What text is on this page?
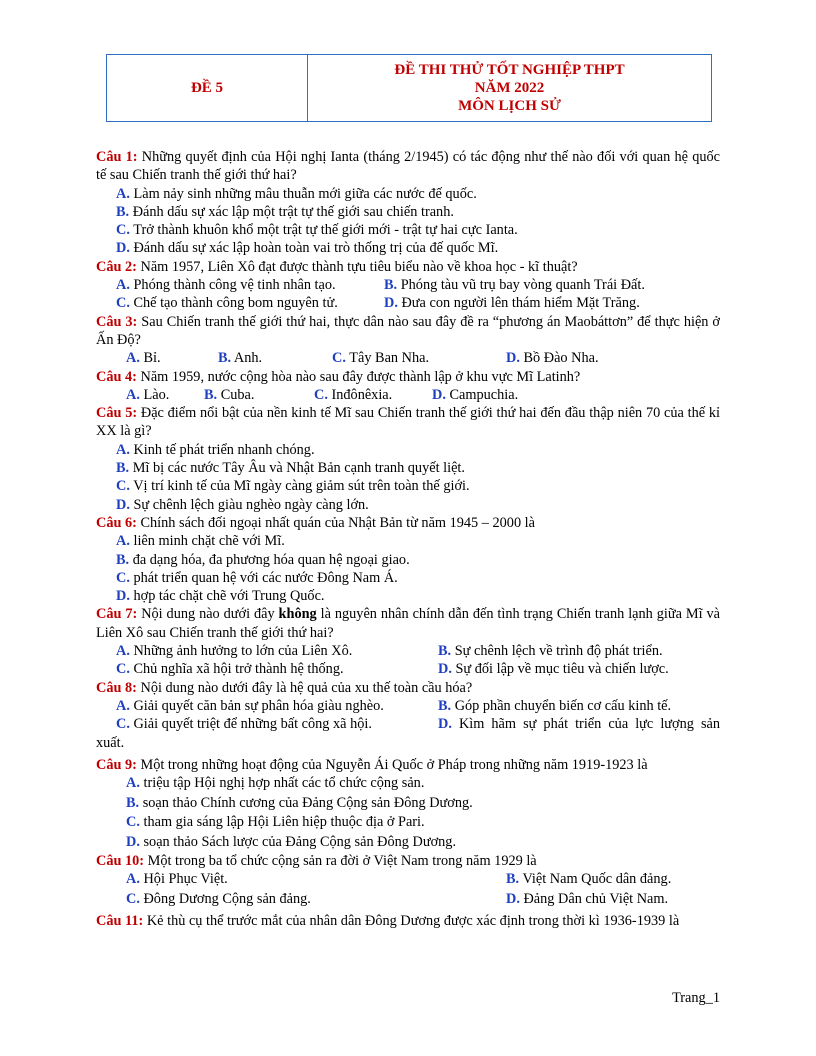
ĐỀ 5
ĐỀ THI THỬ TỐT NGHIỆP THPT
NĂM 2022
MÔN LỊCH SỬ

Câu 1: Những quyết định của Hội nghị Ianta (tháng 2/1945) có tác động như thế nào đối với quan hệ quốc tế sau Chiến tranh thế giới thứ hai?

A. Làm nảy sinh những mâu thuẫn mới giữa các nước đế quốc.

B. Đánh dấu sự xác lập một trật tự thế giới sau chiến tranh.

C. Trở thành khuôn khổ một trật tự thế giới mới - trật tự hai cực Ianta.

D. Đánh dấu sự xác lập hoàn toàn vai trò thống trị của đế quốc Mĩ.

Câu 2: Năm 1957, Liên Xô đạt được thành tựu tiêu biểu nào về khoa học - kĩ thuật?

A. Phóng thành công vệ tinh nhân tạo.	B. Phóng tàu vũ trụ bay vòng quanh Trái Đất.
C. Chế tạo thành công bom nguyên tử.	D. Đưa con người lên thám hiểm Mặt Trăng.

Câu 3: Sau Chiến tranh thế giới thứ hai, thực dân nào sau đây đề ra “phương án Maobáttơn” để thực hiện ở Ấn Độ?

A. Bỉ.	B. Anh.	C. Tây Ban Nha.	D. Bồ Đào Nha.

Câu 4: Năm 1959, nước cộng hòa nào sau đây được thành lập ở khu vực Mĩ Latinh?

A. Lào.	B. Cuba.	C. Inđônêxia.	D. Campuchia.

Câu 5: Đặc điểm nổi bật của nền kinh tế Mĩ sau Chiến tranh thế giới thứ hai đến đầu thập niên 70 của thế kỉ XX là gì?

A. Kinh tế phát triển nhanh chóng.

B. Mĩ bị các nước Tây Âu và Nhật Bản cạnh tranh quyết liệt.

C. Vị trí kinh tế của Mĩ ngày càng giảm sút trên toàn thế giới.

D. Sự chênh lệch giàu nghèo ngày càng lớn.

Câu 6: Chính sách đối ngoại nhất quán của Nhật Bản từ năm 1945 – 2000 là

A. liên minh chặt chẽ với Mĩ.

B. đa dạng hóa, đa phương hóa quan hệ ngoại giao.

C. phát triển quan hệ với các nước Đông Nam Á.

D. hợp tác chặt chẽ với Trung Quốc.

Câu 7: Nội dung nào dưới đây không là nguyên nhân chính dẫn đến tình trạng Chiến tranh lạnh giữa Mĩ và Liên Xô sau Chiến tranh thế giới thứ hai?

A. Những ảnh hưởng to lớn của Liên Xô.	B. Sự chênh lệch về trình độ phát triển.
C. Chủ nghĩa xã hội trở thành hệ thống.	D. Sự đối lập về mục tiêu và chiến lược.

Câu 8: Nội dung nào dưới đây là hệ quả của xu thế toàn cầu hóa?

A. Giải quyết căn bản sự phân hóa giàu nghèo.	B. Góp phần chuyển biến cơ cấu kinh tế.

C. Giải quyết triệt để những bất công xã hội.	D. Kìm hãm sự phát triển của lực lượng sản xuất.

Câu 9: Một trong những hoạt động của Nguyễn Ái Quốc ở Pháp trong những năm 1919-1923 là

A. triệu tập Hội nghị hợp nhất các tổ chức cộng sản.

B. soạn thảo Chính cương của Đảng Cộng sản Đông Dương.

C. tham gia sáng lập Hội Liên hiệp thuộc địa ở Pari.

D. soạn thảo Sách lược của Đảng Cộng sản Đông Dương.

Câu 10: Một trong ba tổ chức cộng sản ra đời ở Việt Nam trong năm 1929 là

A. Hội Phục Việt.	B. Việt Nam Quốc dân đảng.
C. Đông Dương Cộng sản đảng.	D. Đảng Dân chủ Việt Nam.

Câu 11: Kẻ thù cụ thể trước mắt của nhân dân Đông Dương được xác định trong thời kì 1936-1939 là

Trang_1
